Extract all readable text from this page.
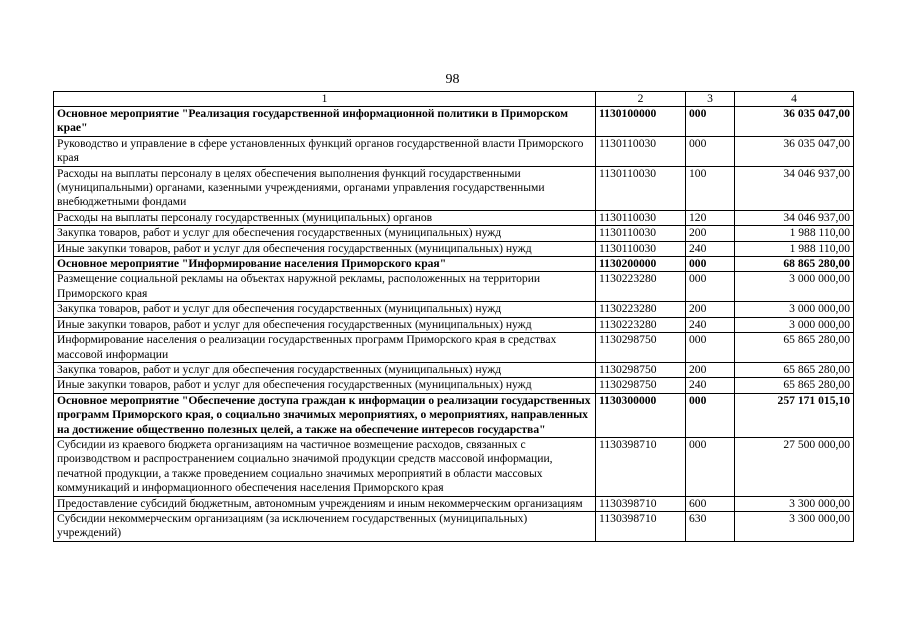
98
1	2	3	4
Основное мероприятие "Реализация государственной информационной политики в Приморском крае"	1130100000	000	36 035 047,00
Руководство и управление в сфере установленных функций органов государственной власти Приморского края	1130110030	000	36 035 047,00
Расходы на выплаты персоналу в целях обеспечения выполнения функций государственными (муниципальными) органами, казенными учреждениями, органами управления государственными внебюджетными фондами	1130110030	100	34 046 937,00
Расходы на выплаты персоналу государственных (муниципальных) органов	1130110030	120	34 046 937,00
Закупка товаров, работ и услуг для обеспечения государственных (муниципальных) нужд	1130110030	200	1 988 110,00
Иные закупки товаров, работ и услуг для обеспечения государственных (муниципальных) нужд	1130110030	240	1 988 110,00
Основное мероприятие "Информирование населения Приморского края"	1130200000	000	68 865 280,00
Размещение социальной рекламы на объектах наружной рекламы, расположенных на территории Приморского края	1130223280	000	3 000 000,00
Закупка товаров, работ и услуг для обеспечения государственных (муниципальных) нужд	1130223280	200	3 000 000,00
Иные закупки товаров, работ и услуг для обеспечения государственных (муниципальных) нужд	1130223280	240	3 000 000,00
Информирование населения о реализации государственных программ Приморского края в средствах массовой информации	1130298750	000	65 865 280,00
Закупка товаров, работ и услуг для обеспечения государственных (муниципальных) нужд	1130298750	200	65 865 280,00
Иные закупки товаров, работ и услуг для обеспечения государственных (муниципальных) нужд	1130298750	240	65 865 280,00
Основное мероприятие "Обеспечение доступа граждан к информации о реализации государственных программ Приморского края, о социально значимых мероприятиях, о мероприятиях, направленных на достижение общественно полезных целей, а также на обеспечение интересов государства"	1130300000	000	257 171 015,10
Субсидии из краевого бюджета организациям на частичное возмещение расходов, связанных с производством и распространением социально значимой продукции средств массовой информации, печатной продукции, а также проведением социально значимых мероприятий в области массовых коммуникаций и информационного обеспечения населения Приморского края	1130398710	000	27 500 000,00
Предоставление субсидий бюджетным, автономным учреждениям и иным некоммерческим организациям	1130398710	600	3 300 000,00
Субсидии некоммерческим организациям (за исключением государственных (муниципальных) учреждений)	1130398710	630	3 300 000,00
